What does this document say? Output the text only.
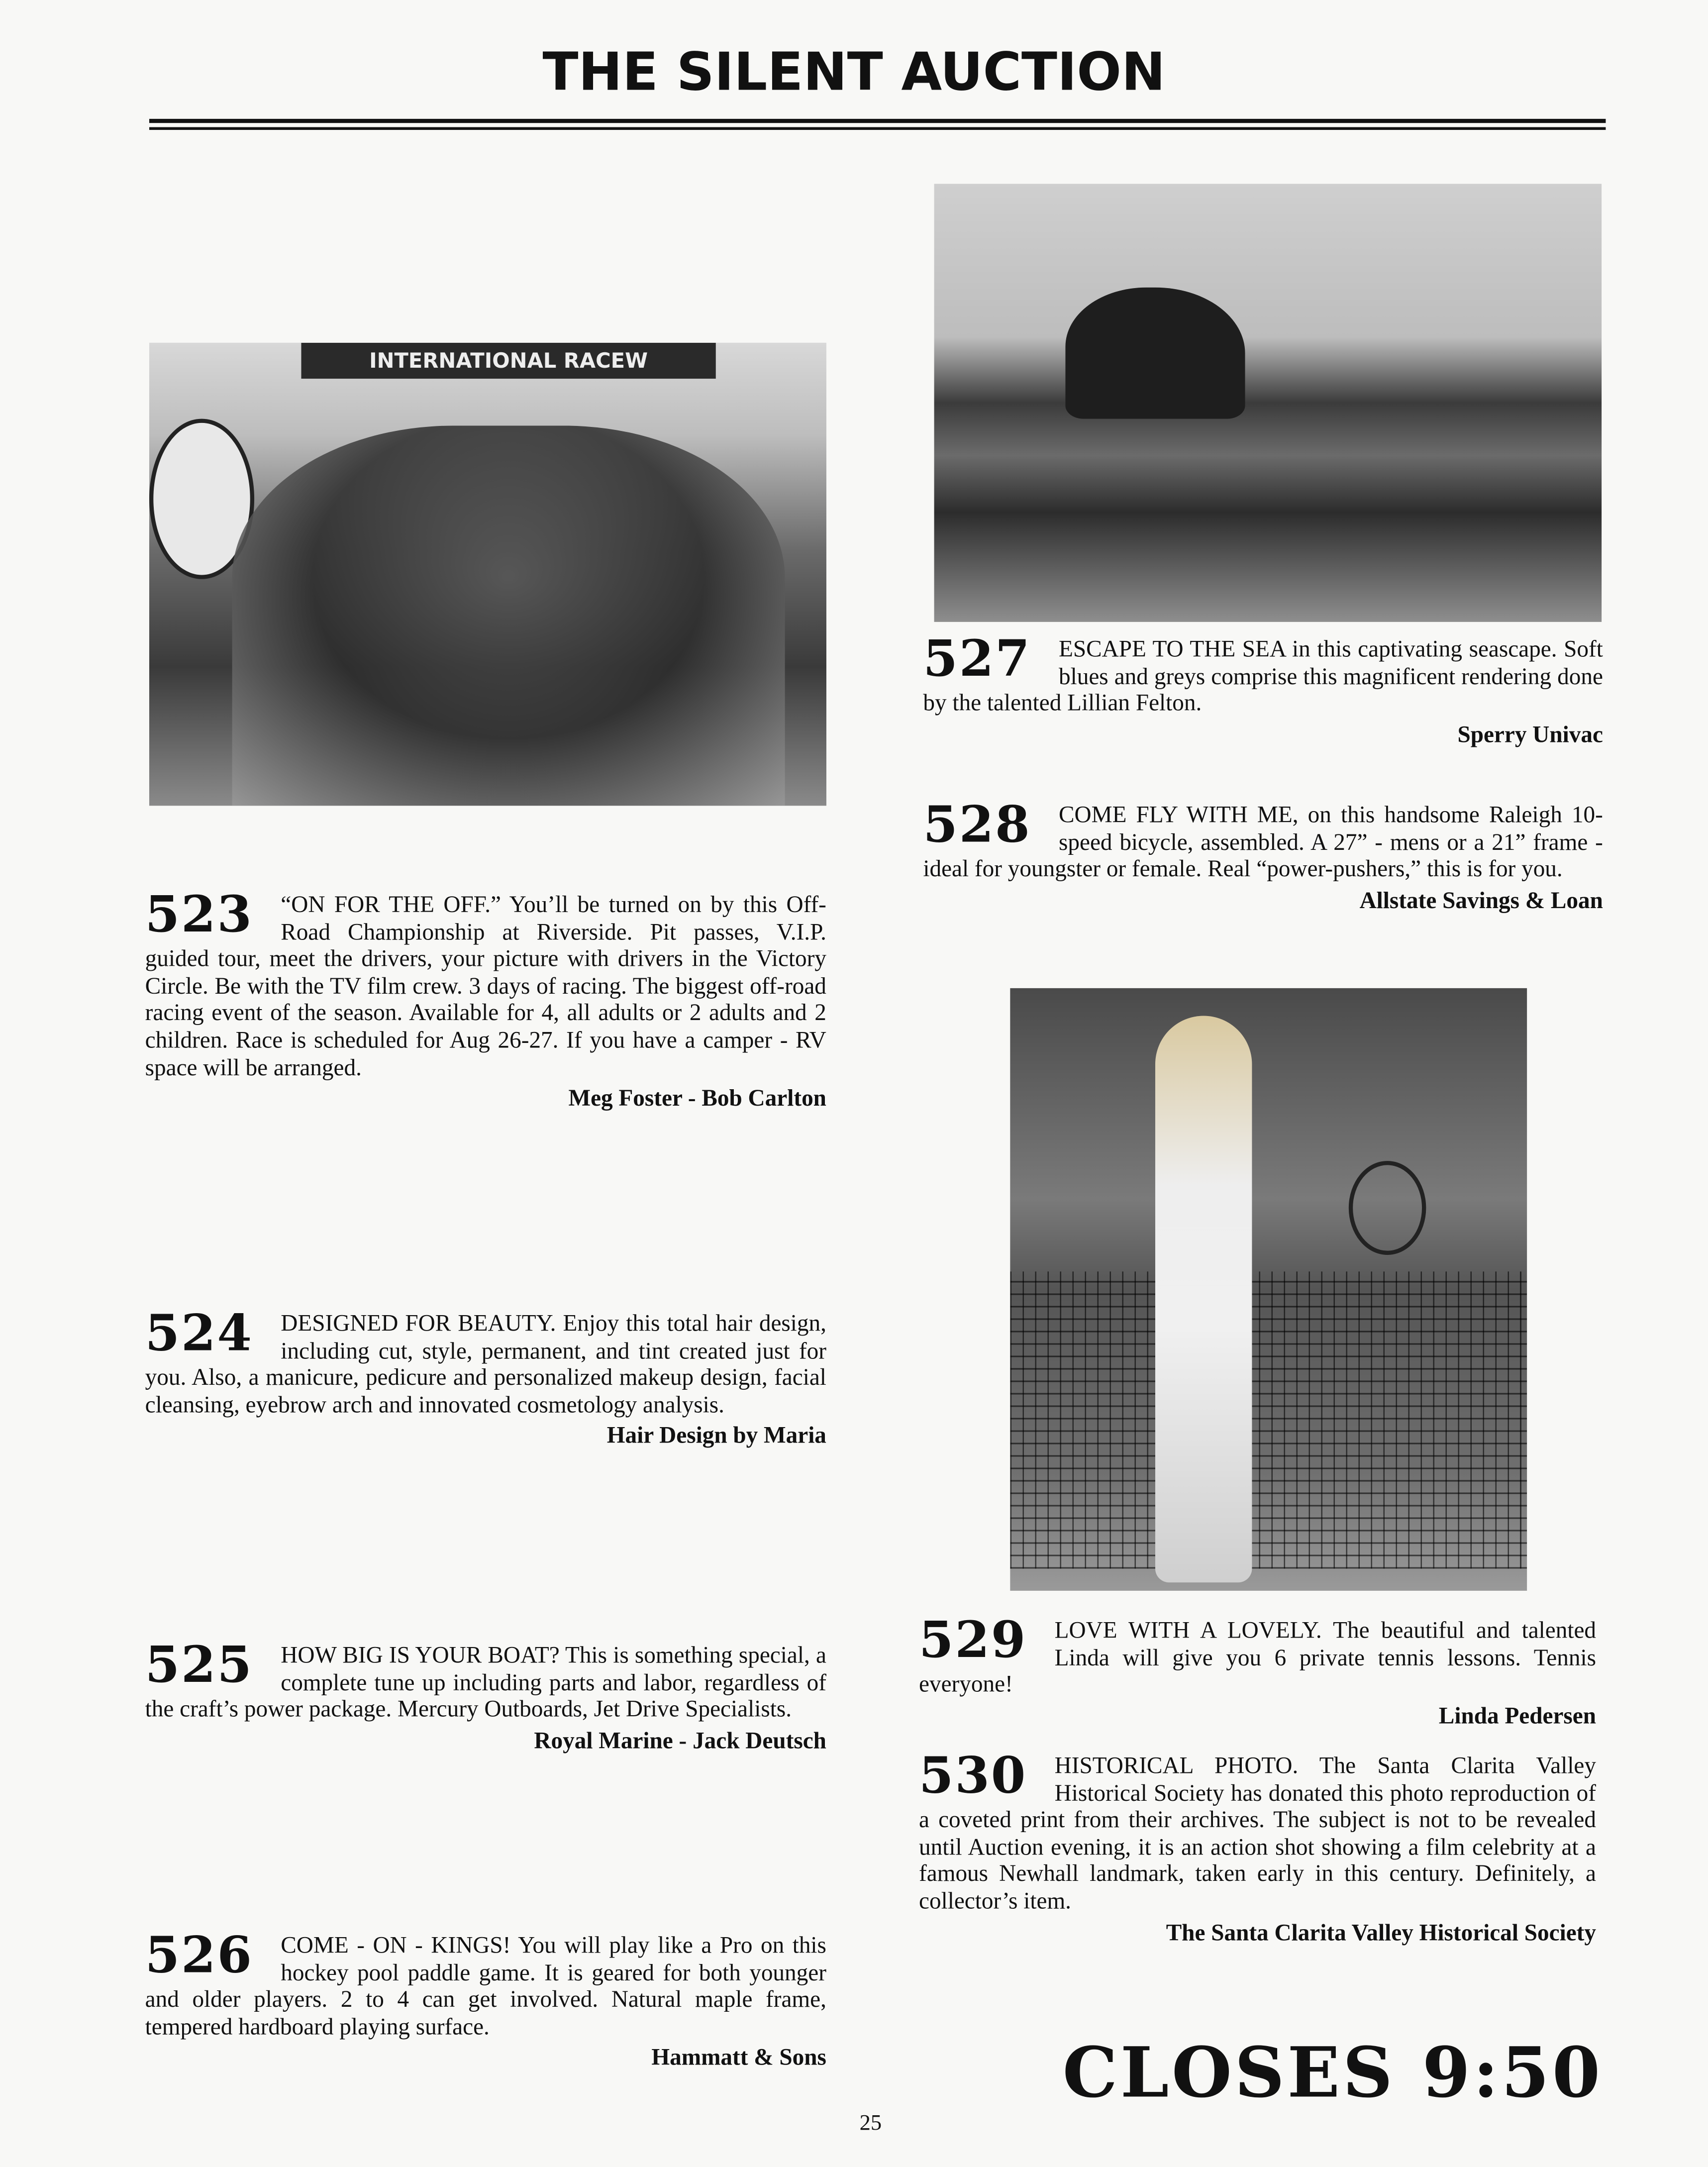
THE SILENT AUCTION
INTERNATIONAL RACEW
523	“ON FOR THE OFF.” You’ll be turned on by this Off-Road Championship at Riverside. Pit passes, V.I.P. guided tour, meet the drivers, your picture with drivers in the Victory Circle. Be with the TV film crew. 3 days of racing. The biggest off-road racing event of the season. Available for 4, all adults or 2 adults and 2 children. Race is scheduled for Aug 26-27. If you have a camper - RV space will be arranged.
Meg Foster - Bob Carlton
524	DESIGNED FOR BEAUTY. Enjoy this total hair design, including cut, style, permanent, and tint created just for you. Also, a manicure, pedicure and personalized makeup design, facial cleansing, eyebrow arch and innovated cosmetology analysis.
Hair Design by Maria
525	HOW BIG IS YOUR BOAT? This is something special, a complete tune up including parts and labor, regardless of the craft’s power package. Mercury Outboards, Jet Drive Specialists.
Royal Marine - Jack Deutsch
526	COME - ON - KINGS! You will play like a Pro on this hockey pool paddle game. It is geared for both younger and older players. 2 to 4 can get involved. Natural maple frame, tempered hardboard playing surface.
Hammatt & Sons
527	ESCAPE TO THE SEA in this captivating seascape. Soft blues and greys comprise this magnificent rendering done by the talented Lillian Felton.
Sperry Univac
528	COME FLY WITH ME, on this handsome Raleigh 10-speed bicycle, assembled. A 27” - mens or a 21” frame - ideal for youngster or female. Real “power-pushers,” this is for you.
Allstate Savings & Loan
529	LOVE WITH A LOVELY. The beautiful and talented Linda will give you 6 private tennis lessons. Tennis everyone!
Linda Pedersen
530	HISTORICAL PHOTO. The Santa Clarita Valley Historical Society has donated this photo reproduction of a coveted print from their archives. The subject is not to be revealed until Auction evening, it is an action shot showing a film celebrity at a famous Newhall landmark, taken early in this century. Definitely, a collector’s item.
The Santa Clarita Valley Historical Society
CLOSES 9:50
25
